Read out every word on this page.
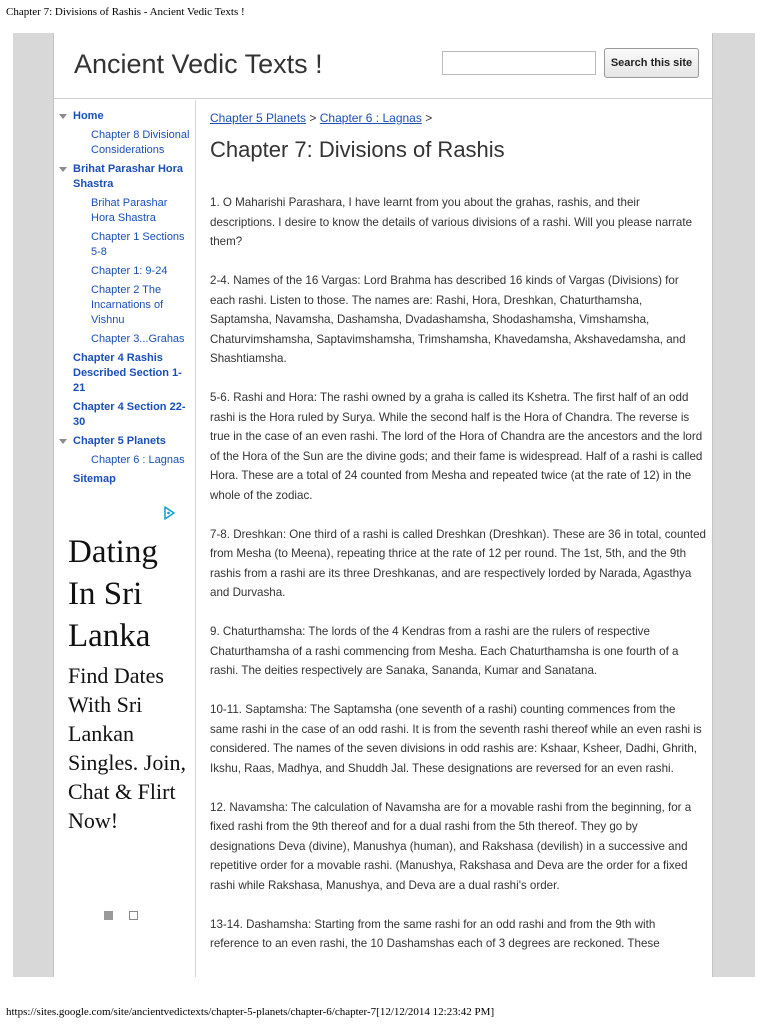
Chapter 7: Divisions of Rashis - Ancient Vedic Texts !
Ancient Vedic Texts !	Search this site
Home
Chapter 8 Divisional Considerations
Brihat Parashar Hora Shastra
Brihat Parashar Hora Shastra
Chapter 1 Sections 5-8
Chapter 1: 9-24
Chapter 2 The Incarnations of Vishnu
Chapter 3...Grahas
Chapter 4 Rashis Described Section 1-21
Chapter 4 Section 22-30
Chapter 5 Planets
Chapter 6 : Lagnas
Sitemap
Dating In Sri Lanka
Find Dates With Sri Lankan Singles. Join, Chat & Flirt Now!
Chapter 5 Planets > Chapter 6 : Lagnas >
Chapter 7: Divisions of Rashis

1. O Maharishi Parashara, I have learnt from you about the grahas, rashis, and their descriptions. I desire to know the details of various divisions of a rashi. Will you please narrate them?

2-4. Names of the 16 Vargas: Lord Brahma has described 16 kinds of Vargas (Divisions) for each rashi. Listen to those. The names are: Rashi, Hora, Dreshkan, Chaturthamsha, Saptamsha, Navamsha, Dashamsha, Dvadashamsha, Shodashamsha, Vimshamsha, Chaturvimshamsha, Saptavimshamsha, Trimshamsha, Khavedamsha, Akshavedamsha, and Shashtiamsha.

5-6. Rashi and Hora: The rashi owned by a graha is called its Kshetra. The first half of an odd rashi is the Hora ruled by Surya. While the second half is the Hora of Chandra. The reverse is true in the case of an even rashi. The lord of the Hora of Chandra are the ancestors and the lord of the Hora of the Sun are the divine gods; and their fame is widespread. Half of a rashi is called Hora. These are a total of 24 counted from Mesha and repeated twice (at the rate of 12) in the whole of the zodiac.

7-8. Dreshkan: One third of a rashi is called Dreshkan (Dreshkan). These are 36 in total, counted from Mesha (to Meena), repeating thrice at the rate of 12 per round. The 1st, 5th, and the 9th rashis from a rashi are its three Dreshkanas, and are respectively lorded by Narada, Agasthya and Durvasha.

9. Chaturthamsha: The lords of the 4 Kendras from a rashi are the rulers of respective Chaturthamsha of a rashi commencing from Mesha. Each Chaturthamsha is one fourth of a rashi. The deities respectively are Sanaka, Sananda, Kumar and Sanatana.

10-11. Saptamsha: The Saptamsha (one seventh of a rashi) counting commences from the same rashi in the case of an odd rashi. It is from the seventh rashi thereof while an even rashi is considered. The names of the seven divisions in odd rashis are: Kshaar, Ksheer, Dadhi, Ghrith, Ikshu, Raas, Madhya, and Shuddh Jal. These designations are reversed for an even rashi.

12. Navamsha: The calculation of Navamsha are for a movable rashi from the beginning, for a fixed rashi from the 9th thereof and for a dual rashi from the 5th thereof. They go by designations Deva (divine), Manushya (human), and Rakshasa (devilish) in a successive and repetitive order for a movable rashi. (Manushya, Rakshasa and Deva are the order for a fixed rashi while Rakshasa, Manushya, and Deva are a dual rashi's order.

13-14. Dashamsha: Starting from the same rashi for an odd rashi and from the 9th with reference to an even rashi, the 10 Dashamshas each of 3 degrees are reckoned. These

https://sites.google.com/site/ancientvedictexts/chapter-5-planets/chapter-6/chapter-7[12/12/2014 12:23:42 PM]
